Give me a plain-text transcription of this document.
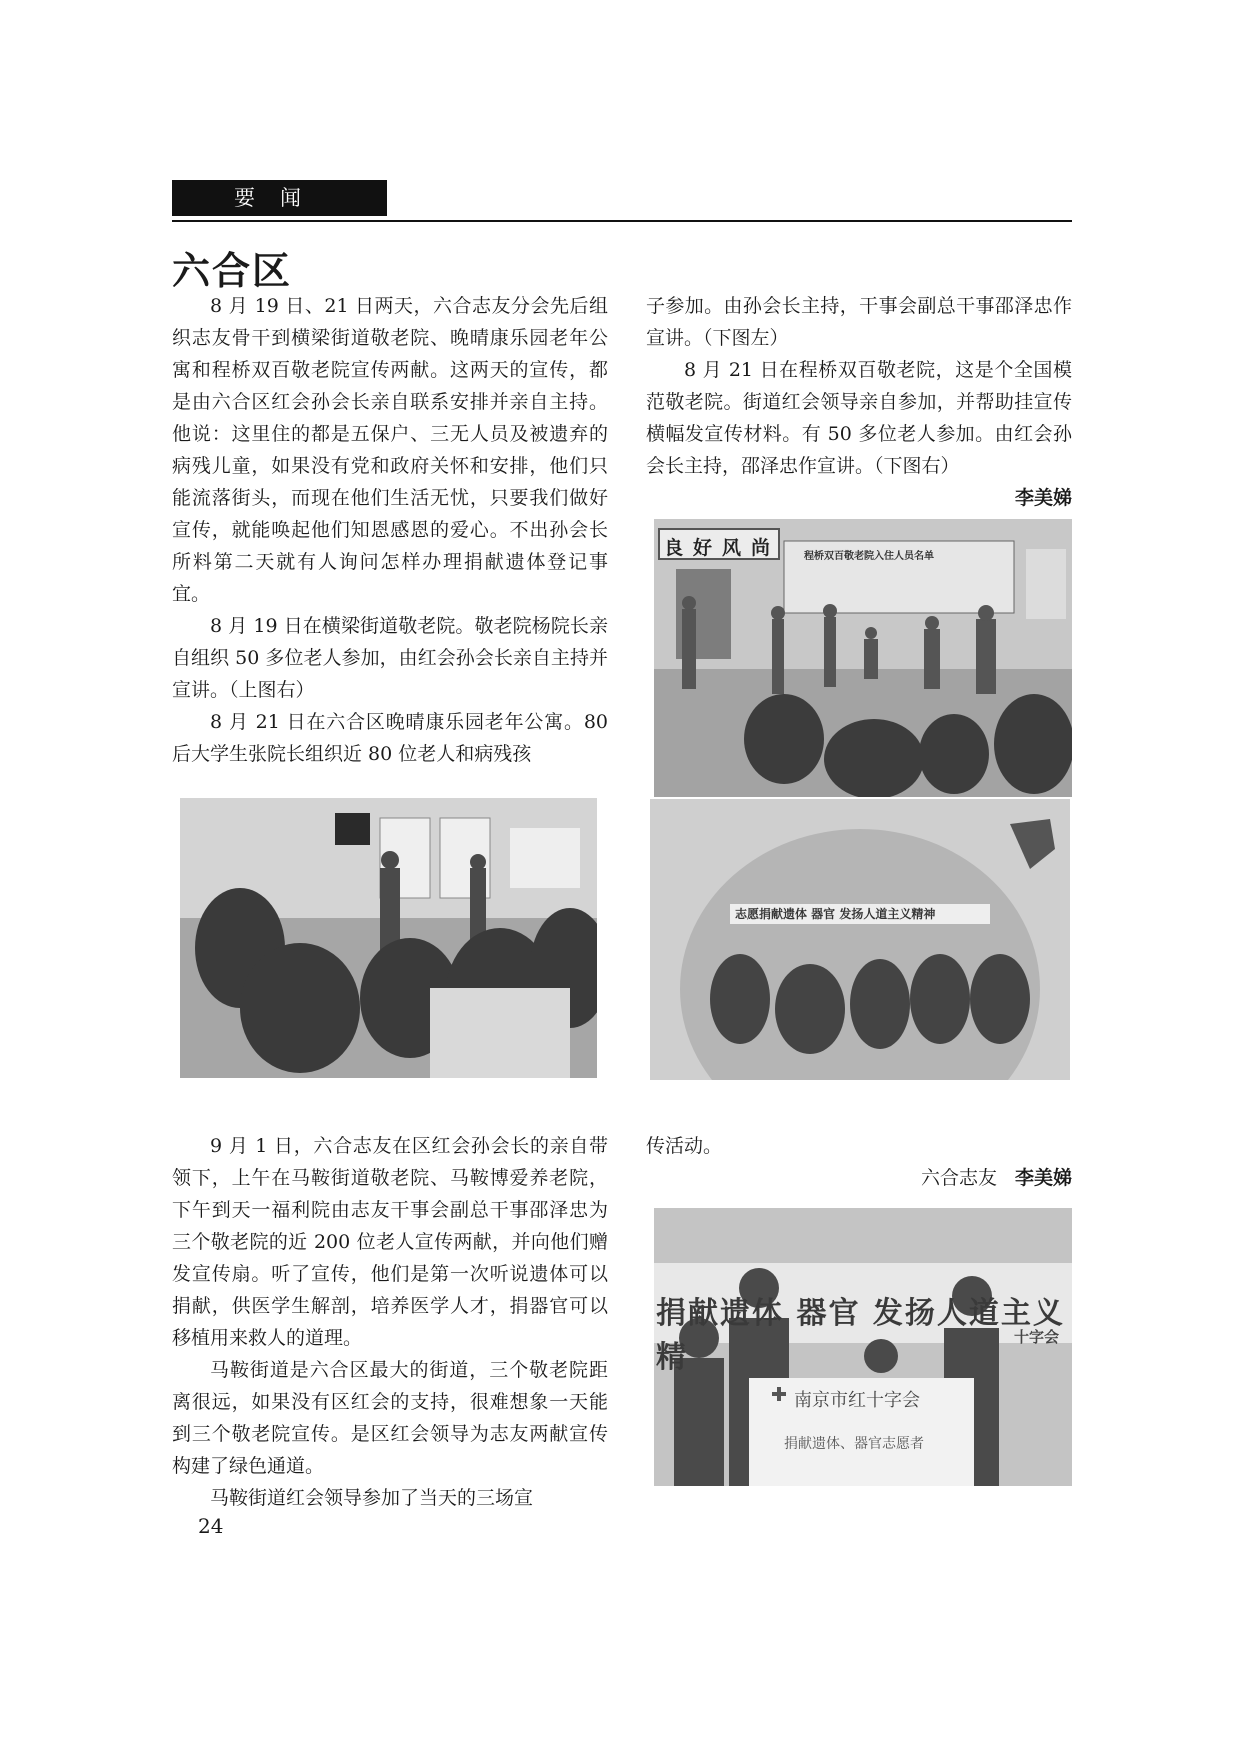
要　闻
六合区

8 月 19 日、21 日两天，六合志友分会先后组织志友骨干到横梁街道敬老院、晚晴康乐园老年公寓和程桥双百敬老院宣传两献。这两天的宣传，都是由六合区红会孙会长亲自联系安排并亲自主持。他说：这里住的都是五保户、三无人员及被遗弃的病残儿童，如果没有党和政府关怀和安排，他们只能流落街头，而现在他们生活无忧，只要我们做好宣传，就能唤起他们知恩感恩的爱心。不出孙会长所料第二天就有人询问怎样办理捐献遗体登记事宜。

8 月 19 日在横梁街道敬老院。敬老院杨院长亲自组织 50 多位老人参加，由红会孙会长亲自主持并宣讲。（上图右）

8 月 21 日在六合区晚晴康乐园老年公寓。80 后大学生张院长组织近 80 位老人和病残孩

子参加。由孙会长主持，干事会副总干事邵泽忠作宣讲。（下图左）

8 月 21 日在程桥双百敬老院，这是个全国模范敬老院。街道红会领导亲自参加，并帮助挂宣传横幅发宣传材料。有 50 多位老人参加。由红会孙会长主持，邵泽忠作宣讲。（下图右）

李美娣

良好风尚 程桥双百敬老院入住人员名单
志愿捐献遗体 器官 发扬人道主义精神

9 月 1 日，六合志友在区红会孙会长的亲自带领下，上午在马鞍街道敬老院、马鞍博爱养老院，下午到天一福利院由志友干事会副总干事邵泽忠为三个敬老院的近 200 位老人宣传两献，并向他们赠发宣传扇。听了宣传，他们是第一次听说遗体可以捐献，供医学生解剖，培养医学人才，捐器官可以移植用来救人的道理。

马鞍街道是六合区最大的街道，三个敬老院距离很远，如果没有区红会的支持，很难想象一天能到三个敬老院宣传。是区红会领导为志友两献宣传构建了绿色通道。

马鞍街道红会领导参加了当天的三场宣

传活动。

六合志友 李美娣

捐献遗体 器官 发扬人道主义精
十字会
南京市红十字会
捐献遗体、器官志愿者
24
